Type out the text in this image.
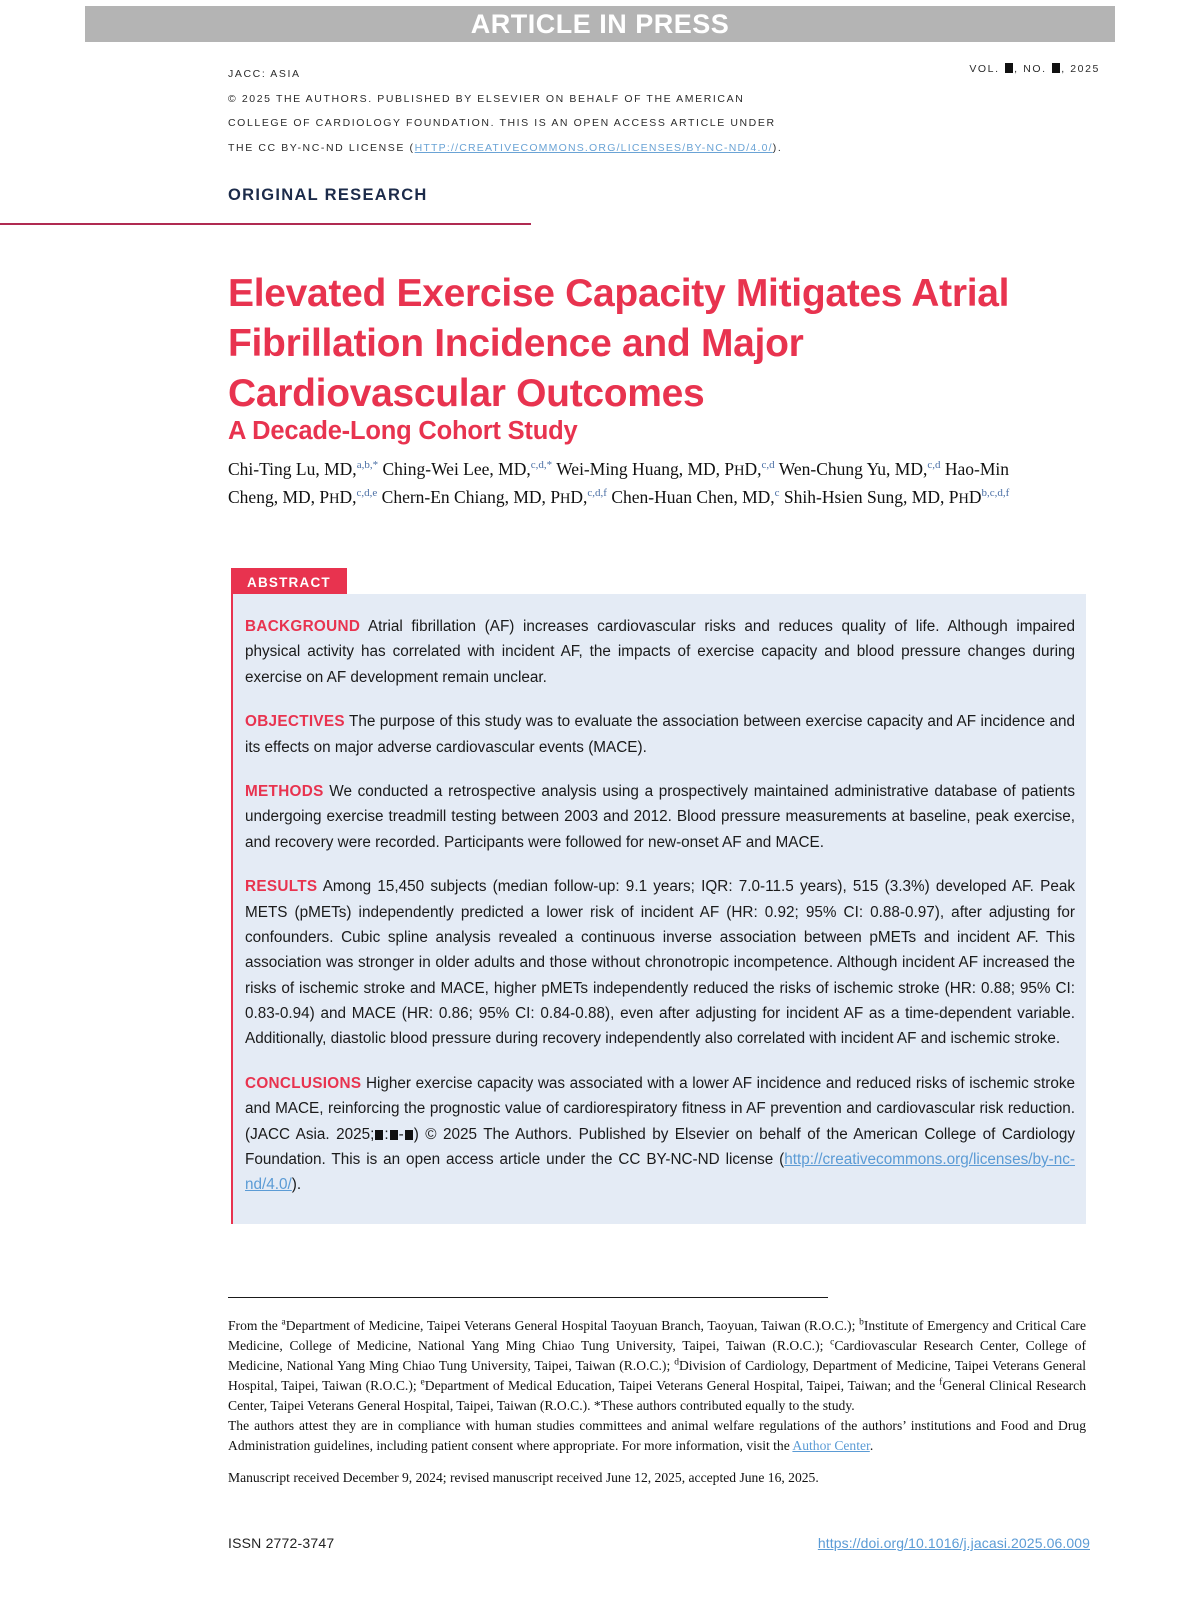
ARTICLE IN PRESS
JACC: ASIA
© 2025 THE AUTHORS. PUBLISHED BY ELSEVIER ON BEHALF OF THE AMERICAN
COLLEGE OF CARDIOLOGY FOUNDATION. THIS IS AN OPEN ACCESS ARTICLE UNDER
THE CC BY-NC-ND LICENSE (HTTP://CREATIVECOMMONS.ORG/LICENSES/BY-NC-ND/4.0/).
VOL. , NO. , 2025
ORIGINAL RESEARCH
Elevated Exercise Capacity Mitigates Atrial Fibrillation Incidence and Major Cardiovascular Outcomes
A Decade-Long Cohort Study
Chi-Ting Lu, MD,$^{a,b,*}$ Ching-Wei Lee, MD,$^{c,d,*}$ Wei-Ming Huang, MD, PHD,$^{c,d}$ Wen-Chung Yu, MD,$^{c,d}$ Hao-Min Cheng, MD, PHD,$^{c,d,e}$ Chern-En Chiang, MD, PHD,$^{c,d,f}$ Chen-Huan Chen, MD,$^c$ Shih-Hsien Sung, MD, PHD$^{b,c,d,f}$
ABSTRACT

BACKGROUND Atrial fibrillation (AF) increases cardiovascular risks and reduces quality of life. Although impaired physical activity has correlated with incident AF, the impacts of exercise capacity and blood pressure changes during exercise on AF development remain unclear.

OBJECTIVES The purpose of this study was to evaluate the association between exercise capacity and AF incidence and its effects on major adverse cardiovascular events (MACE).

METHODS We conducted a retrospective analysis using a prospectively maintained administrative database of patients undergoing exercise treadmill testing between 2003 and 2012. Blood pressure measurements at baseline, peak exercise, and recovery were recorded. Participants were followed for new-onset AF and MACE.

RESULTS Among 15,450 subjects (median follow-up: 9.1 years; IQR: 7.0-11.5 years), 515 (3.3%) developed AF. Peak METS (pMETs) independently predicted a lower risk of incident AF (HR: 0.92; 95% CI: 0.88-0.97), after adjusting for confounders. Cubic spline analysis revealed a continuous inverse association between pMETs and incident AF. This association was stronger in older adults and those without chronotropic incompetence. Although incident AF increased the risks of ischemic stroke and MACE, higher pMETs independently reduced the risks of ischemic stroke (HR: 0.88; 95% CI: 0.83-0.94) and MACE (HR: 0.86; 95% CI: 0.84-0.88), even after adjusting for incident AF as a time-dependent variable. Additionally, diastolic blood pressure during recovery independently also correlated with incident AF and ischemic stroke.

CONCLUSIONS Higher exercise capacity was associated with a lower AF incidence and reduced risks of ischemic stroke and MACE, reinforcing the prognostic value of cardiorespiratory fitness in AF prevention and cardiovascular risk reduction. (JACC Asia. 2025; : - ) © 2025 The Authors. Published by Elsevier on behalf of the American College of Cardiology Foundation. This is an open access article under the CC BY-NC-ND license (http://creativecommons.org/licenses/by-nc-nd/4.0/).

From the $^a$Department of Medicine, Taipei Veterans General Hospital Taoyuan Branch, Taoyuan, Taiwan (R.O.C.); $^b$Institute of Emergency and Critical Care Medicine, College of Medicine, National Yang Ming Chiao Tung University, Taipei, Taiwan (R.O.C.); $^c$Cardiovascular Research Center, College of Medicine, National Yang Ming Chiao Tung University, Taipei, Taiwan (R.O.C.); $^d$Division of Cardiology, Department of Medicine, Taipei Veterans General Hospital, Taipei, Taiwan (R.O.C.); $^e$Department of Medical Education, Taipei Veterans General Hospital, Taipei, Taiwan; and the $^f$General Clinical Research Center, Taipei Veterans General Hospital, Taipei, Taiwan (R.O.C.). *These authors contributed equally to the study.

The authors attest they are in compliance with human studies committees and animal welfare regulations of the authors’ institutions and Food and Drug Administration guidelines, including patient consent where appropriate. For more information, visit the Author Center.

Manuscript received December 9, 2024; revised manuscript received June 12, 2025, accepted June 16, 2025.
ISSN 2772-3747	https://doi.org/10.1016/j.jacasi.2025.06.009
